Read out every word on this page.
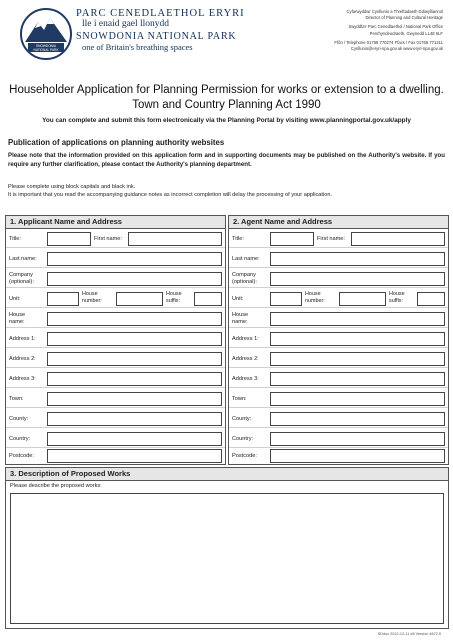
SNOWDONIA
NATIONAL PARK
PARC CENEDLAETHOL ERYRI
lle i enaid gael llonydd
SNOWDONIA NATIONAL PARK
one of Britain's breathing spaces
Cyfarwyddwr Cynllunio a Threftadaeth Ddiwylliannol
Director of Planning and Cultural Heritage
Swyddfa'r Parc Cenedlaethol / National Park Office
Penrhyndeudraeth, Gwynedd LL48 6LF
Ffôn / Telephone 01766 770274 Ffacs / Fax 01766 771211
Cynllunio@eryri-npa.gov.uk www.eryri-npa.gov.uk
Householder Application for Planning Permission for works or extension to a dwelling.
Town and Country Planning Act 1990
You can complete and submit this form electronically via the Planning Portal by visiting www.planningportal.gov.uk/apply
Publication of applications on planning authority websites
Please note that the information provided on this application form and in supporting documents may be published on the Authority's website. If you require any further clarification, please contact the Authority's planning department.
Please complete using block capitals and black ink.
It is important that you read the accompanying guidance notes as incorrect completion will delay the processing of your application.
1. Applicant Name and Address
Title:	First name:
Last name:
Company
(optional):
Unit:
House
number:
House
suffix:
House
name:
Address 1:
Address 2:
Address 3:
Town:
County:
Country:
Postcode:
2. Agent Name and Address
Title:	First name:
Last name:
Company
(optional):
Unit:
House
number:
House
suffix:
House
name:
Address 1:
Address 2:
Address 3:
Town:
County:
Country:
Postcode:
3. Description of Proposed Works
Please describe the proposed works:
SDdoc 2012-12-11 #8 Version 4672.5
